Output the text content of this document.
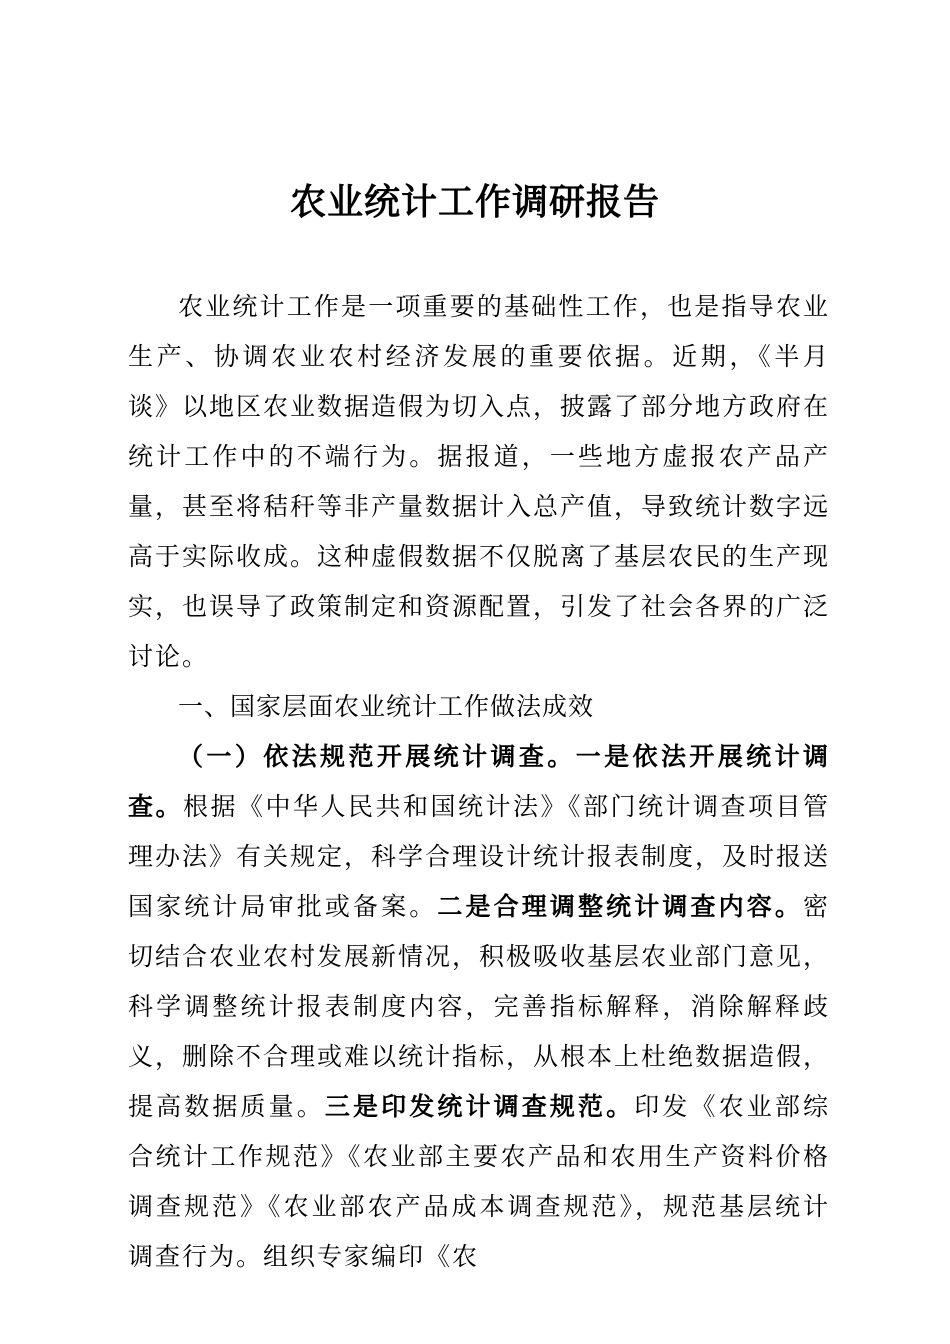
农业统计工作调研报告

农业统计工作是一项重要的基础性工作，也是指导农业生产、协调农业农村经济发展的重要依据。近期，《半月谈》以地区农业数据造假为切入点，披露了部分地方政府在统计工作中的不端行为。据报道，一些地方虚报农产品产量，甚至将秸秆等非产量数据计入总产值，导致统计数字远高于实际收成。这种虚假数据不仅脱离了基层农民的生产现实，也误导了政策制定和资源配置，引发了社会各界的广泛讨论。

一、国家层面农业统计工作做法成效

（一）依法规范开展统计调查。一是依法开展统计调查。根据《中华人民共和国统计法》《部门统计调查项目管理办法》有关规定，科学合理设计统计报表制度，及时报送国家统计局审批或备案。二是合理调整统计调查内容。密切结合农业农村发展新情况，积极吸收基层农业部门意见，科学调整统计报表制度内容，完善指标解释，消除解释歧义，删除不合理或难以统计指标，从根本上杜绝数据造假，提高数据质量。三是印发统计调查规范。印发《农业部综合统计工作规范》《农业部主要农产品和农用生产资料价格调查规范》《农业部农产品成本调查规范》，规范基层统计调查行为。组织专家编印《农
